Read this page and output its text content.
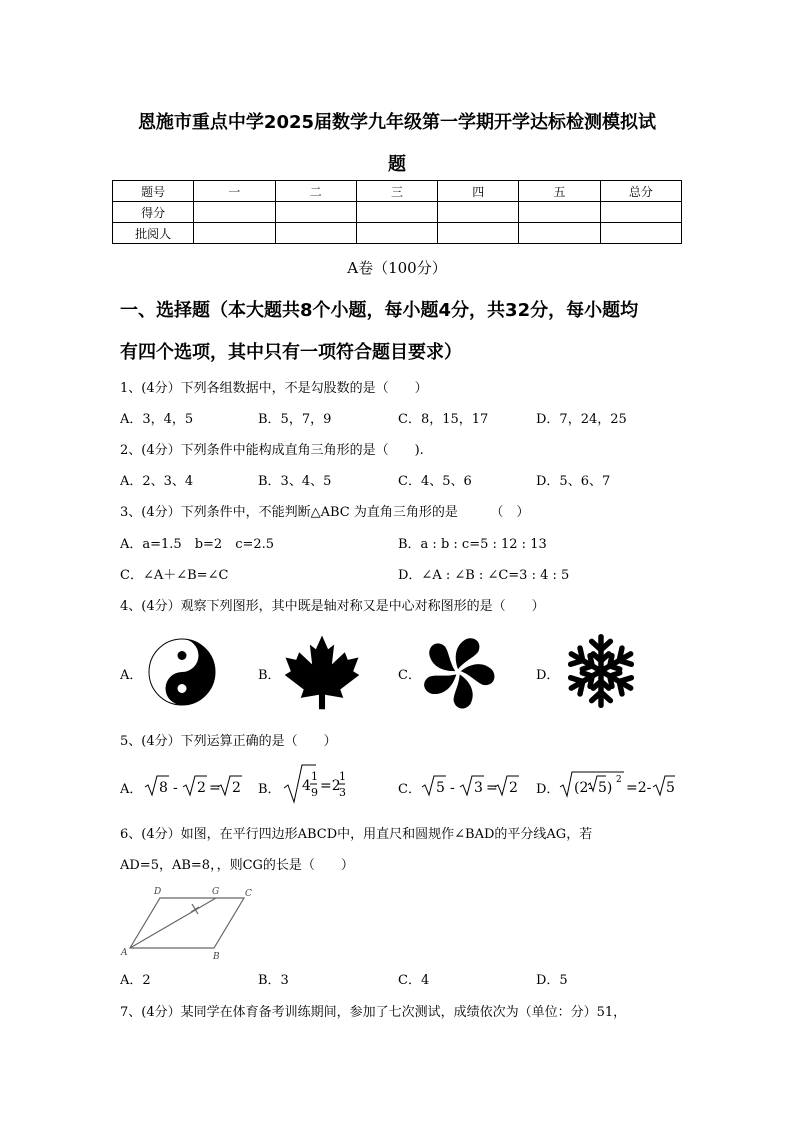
恩施市重点中学2025届数学九年级第一学期开学达标检测模拟试
题
题号	一	二	三	四	五	总分
得分						
批阅人						
A卷（100分）
一、选择题（本大题共8个小题，每小题4分，共32分，每小题均
有四个选项，其中只有一项符合题目要求）
1、(4分）下列各组数据中，不是勾股数的是（　　）
A．3，4，5	B．5，7，9	C．8，15，17	D．7，24，25
2、(4分）下列条件中能构成直角三角形的是（　　).
A．2、3、4	B．3、4、5	C．4、5、6	D．5、6、7
3、(4分）下列条件中，不能判断△ABC 为直角三角形的是　　　（　）
A．a=1.5　b=2　c=2.5	B．a : b : c=5 : 12 : 13
C．∠A＋∠B=∠C	D．∠A : ∠B : ∠C=3 : 4 : 5
4、(4分）观察下列图形，其中既是轴对称又是中心对称图形的是（　　）
A．	B．	C．	D．
5、(4分）下列运算正确的是（　　）
A．	B．	C．	D．
8 - 2 = 2	4
1
9 =2
1
3	5 - 3 = 2	(2- 5) 2 =2- 5
6、(4分）如图，在平行四边形ABCD中，用直尺和圆规作∠BAD的平分线AG，若
AD=5，AB=8，，则CG的长是（　　）
D	G	C
A	B
A．2	B．3	C．4	D．5
7、(4分）某同学在体育备考训练期间，参加了七次测试，成绩依次为（单位：分）51，
